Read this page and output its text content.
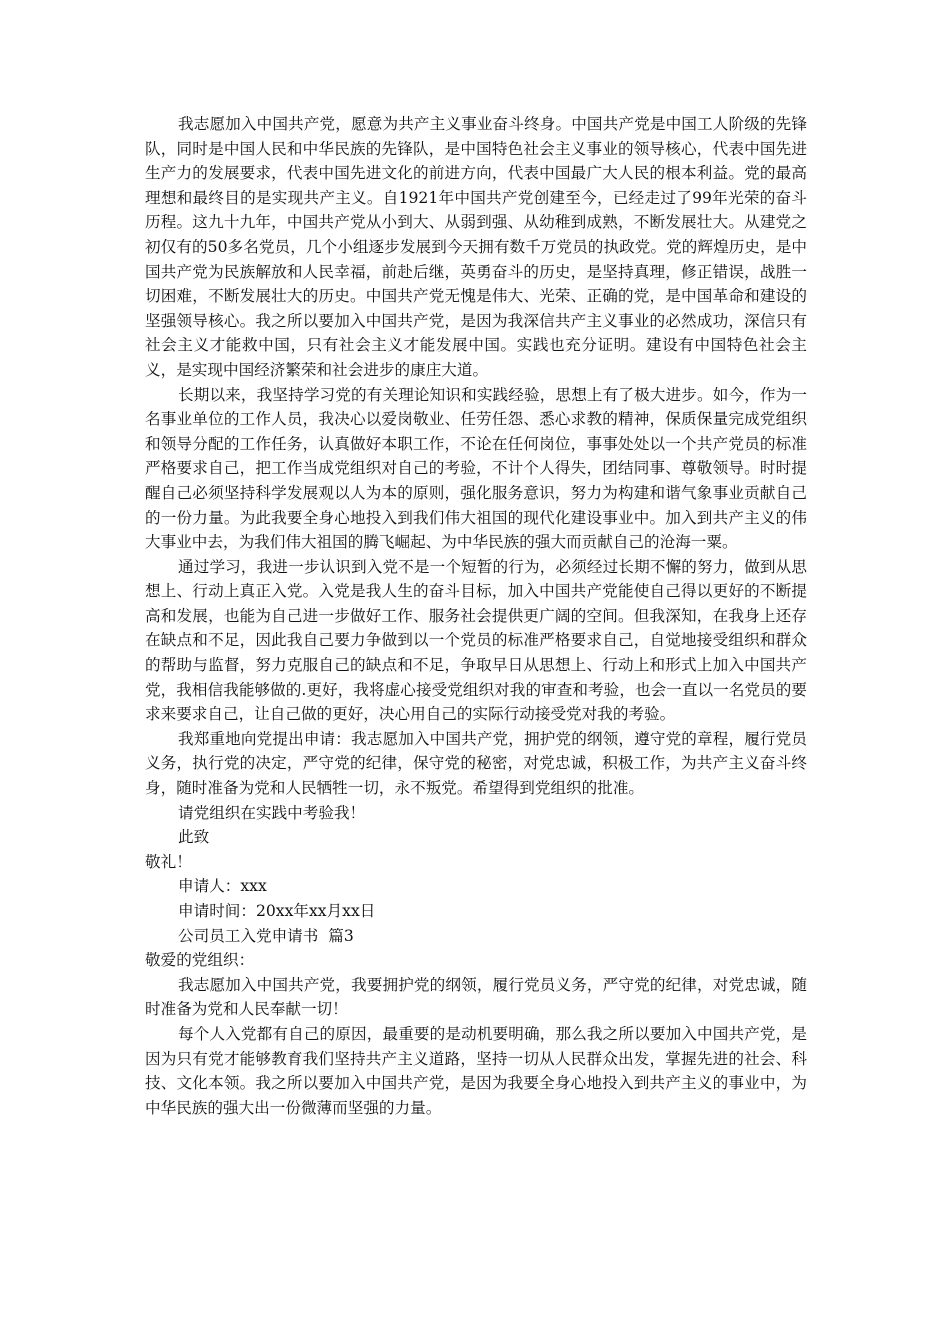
我志愿加入中国共产党，愿意为共产主义事业奋斗终身。中国共产党是中国工人阶级的先锋队，同时是中国人民和中华民族的先锋队，是中国特色社会主义事业的领导核心，代表中国先进生产力的发展要求，代表中国先进文化的前进方向，代表中国最广大人民的根本利益。党的最高理想和最终目的是实现共产主义。自1921年中国共产党创建至今，已经走过了99年光荣的奋斗历程。这九十九年，中国共产党从小到大、从弱到强、从幼稚到成熟，不断发展壮大。从建党之初仅有的50多名党员，几个小组逐步发展到今天拥有数千万党员的执政党。党的辉煌历史，是中国共产党为民族解放和人民幸福，前赴后继，英勇奋斗的历史，是坚持真理，修正错误，战胜一切困难，不断发展壮大的历史。中国共产党无愧是伟大、光荣、正确的党，是中国革命和建设的坚强领导核心。我之所以要加入中国共产党，是因为我深信共产主义事业的必然成功，深信只有社会主义才能救中国，只有社会主义才能发展中国。实践也充分证明。建设有中国特色社会主义，是实现中国经济繁荣和社会进步的康庄大道。

长期以来，我坚持学习党的有关理论知识和实践经验，思想上有了极大进步。如今，作为一名事业单位的工作人员，我决心以爱岗敬业、任劳任怨、悉心求教的精神，保质保量完成党组织和领导分配的工作任务，认真做好本职工作，不论在任何岗位，事事处处以一个共产党员的标准严格要求自己，把工作当成党组织对自己的考验，不计个人得失，团结同事、尊敬领导。时时提醒自己必须坚持科学发展观以人为本的原则，强化服务意识，努力为构建和谐气象事业贡献自己的一份力量。为此我要全身心地投入到我们伟大祖国的现代化建设事业中。加入到共产主义的伟大事业中去，为我们伟大祖国的腾飞崛起、为中华民族的强大而贡献自己的沧海一粟。

通过学习，我进一步认识到入党不是一个短暂的行为，必须经过长期不懈的努力，做到从思想上、行动上真正入党。入党是我人生的奋斗目标，加入中国共产党能使自己得以更好的不断提高和发展，也能为自己进一步做好工作、服务社会提供更广阔的空间。但我深知，在我身上还存在缺点和不足，因此我自己要力争做到以一个党员的标准严格要求自己，自觉地接受组织和群众的帮助与监督，努力克服自己的缺点和不足，争取早日从思想上、行动上和形式上加入中国共产党，我相信我能够做的.更好，我将虚心接受党组织对我的审查和考验，也会一直以一名党员的要求来要求自己，让自己做的更好，决心用自己的实际行动接受党对我的考验。

我郑重地向党提出申请：我志愿加入中国共产党，拥护党的纲领，遵守党的章程，履行党员义务，执行党的决定，严守党的纪律，保守党的秘密，对党忠诚，积极工作，为共产主义奋斗终身，随时准备为党和人民牺牲一切，永不叛党。希望得到党组织的批准。

请党组织在实践中考验我！

此致

敬礼！

申请人：xxx

申请时间：20xx年xx月xx日

公司员工入党申请书  篇3

敬爱的党组织：

我志愿加入中国共产党，我要拥护党的纲领，履行党员义务，严守党的纪律，对党忠诚，随时准备为党和人民奉献一切！

每个人入党都有自己的原因，最重要的是动机要明确，那么我之所以要加入中国共产党，是因为只有党才能够教育我们坚持共产主义道路，坚持一切从人民群众出发，掌握先进的社会、科技、文化本领。我之所以要加入中国共产党，是因为我要全身心地投入到共产主义的事业中，为中华民族的强大出一份微薄而坚强的力量。
